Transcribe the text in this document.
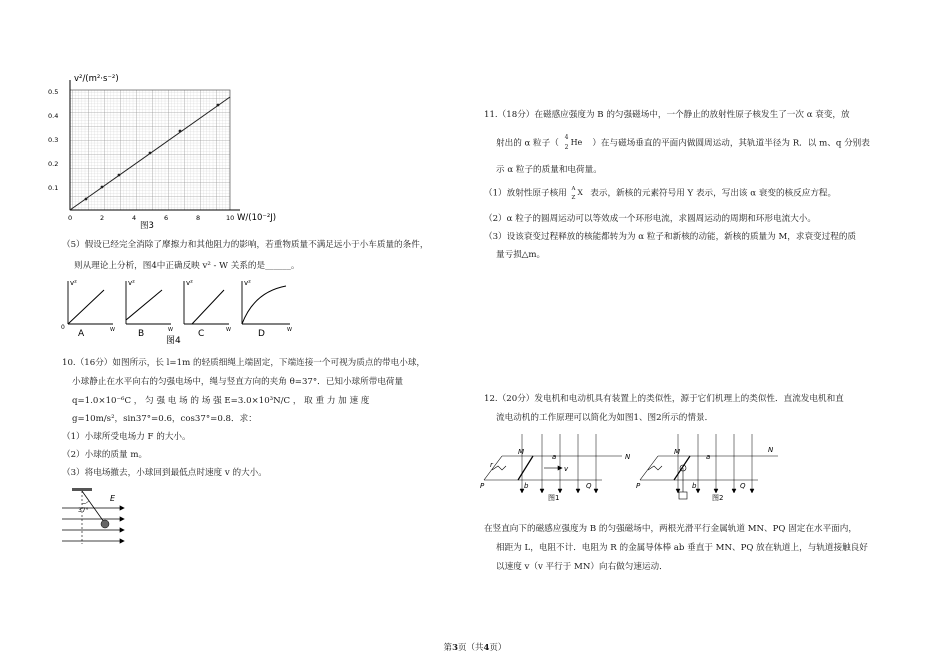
v²/(m²·s⁻²)
0.5
0.4
0.3
0.2
0.1
0	2	4	6	8	10 W/(10⁻²J)
图3
（5）假设已经完全消除了摩擦力和其他阻力的影响，若重物质量不满足远小于小车质量的条件，
则从理论上分析，图4中正确反映 v² - W 关系的是______。
v²
0	W
A
v²
W
B
v²
W
C
v²
W
D
图4
10.（16分）如图所示，长 l=1m 的轻质细绳上端固定，下端连接一个可视为质点的带电小球，
小球静止在水平向右的匀强电场中，绳与竖直方向的夹角 θ=37°．已知小球所带电荷量
q=1.0×10⁻⁶C ， 匀 强 电 场 的 场 强 E=3.0×10³N/C ， 取 重 力 加 速 度
g=10m/s²，sin37°=0.6，cos37°=0.8．求：
（1）小球所受电场力 F 的大小。
（2）小球的质量 m。
（3）将电场撤去，小球回到最低点时速度 v 的大小。
37°
E
11.（18分）在磁感应强度为 B 的匀强磁场中，一个静止的放射性原子核发生了一次 α 衰变，放
射出的 α 粒子（
4
2
He ）在与磁场垂直的平面内做圆周运动，其轨道半径为 R．以 m、q 分别表
示 α 粒子的质量和电荷量。
（1）放射性原子核用 A
Z
X 表示，新核的元素符号用 Y 表示，写出该 α 衰变的核反应方程。
（2）α 粒子的圆周运动可以等效成一个环形电流，求圆周运动的周期和环形电流大小。
（3）设该衰变过程释放的核能都转为为 α 粒子和新核的动能，新核的质量为 M，求衰变过程的质
量亏损△m。
12.（20分）发电机和电动机具有装置上的类似性，源于它们机理上的类似性．直流发电机和直
流电动机的工作原理可以简化为如图1、图2所示的情景．
M
N
P	Q
a
b
v
r
图1
M	N
P	Q
a
b
图2
在竖直向下的磁感应强度为 B 的匀强磁场中，两根光滑平行金属轨道 MN、PQ 固定在水平面内，
相距为 L，电阻不计．电阻为 R 的金属导体棒 ab 垂直于 MN、PQ 放在轨道上，与轨道接触良好
以速度 v（v 平行于 MN）向右做匀速运动．
第3页（共4页）
